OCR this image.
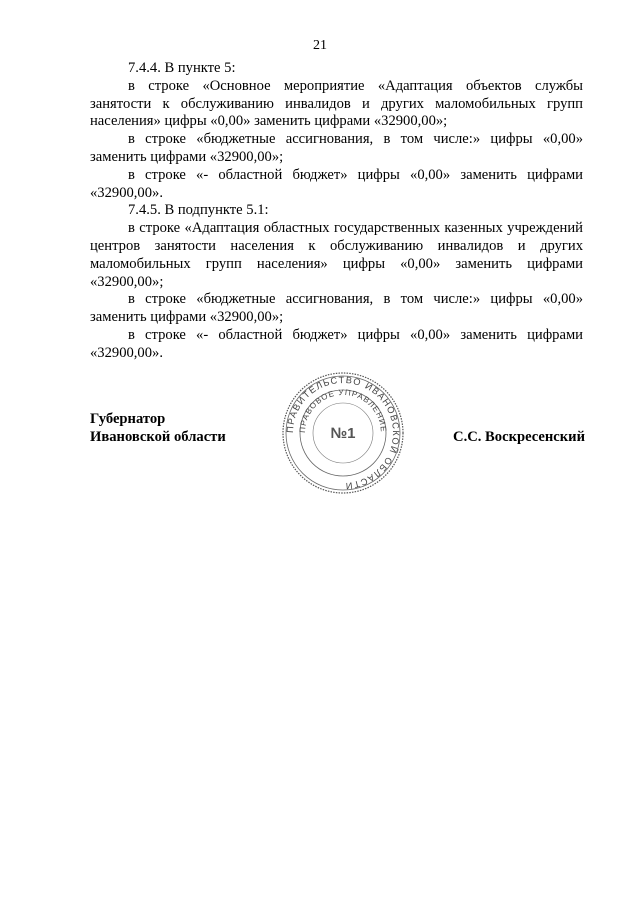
21

7.4.4. В пункте 5:

в строке «Основное мероприятие «Адаптация объектов службы занятости к обслуживанию инвалидов и других маломобильных групп населения» цифры «0,00» заменить цифрами «32900,00»;

в строке «бюджетные ассигнования, в том числе:» цифры «0,00» заменить цифрами «32900,00»;

в строке «- областной бюджет» цифры «0,00» заменить цифрами «32900,00».

7.4.5. В подпункте 5.1:

в строке «Адаптация областных государственных казенных учреждений центров занятости населения к обслуживанию инвалидов и других маломобильных групп населения» цифры «0,00» заменить цифрами «32900,00»;

в строке «бюджетные ассигнования, в том числе:» цифры «0,00» заменить цифрами «32900,00»;

в строке «- областной бюджет» цифры «0,00» заменить цифрами «32900,00».

Губернатор
Ивановской области	С.С. Воскресенский
ПРАВИТЕЛЬСТВО ИВАНОВСКОЙ ОБЛАСТИ
ПРАВОВОЕ УПРАВЛЕНИЕ
№1
